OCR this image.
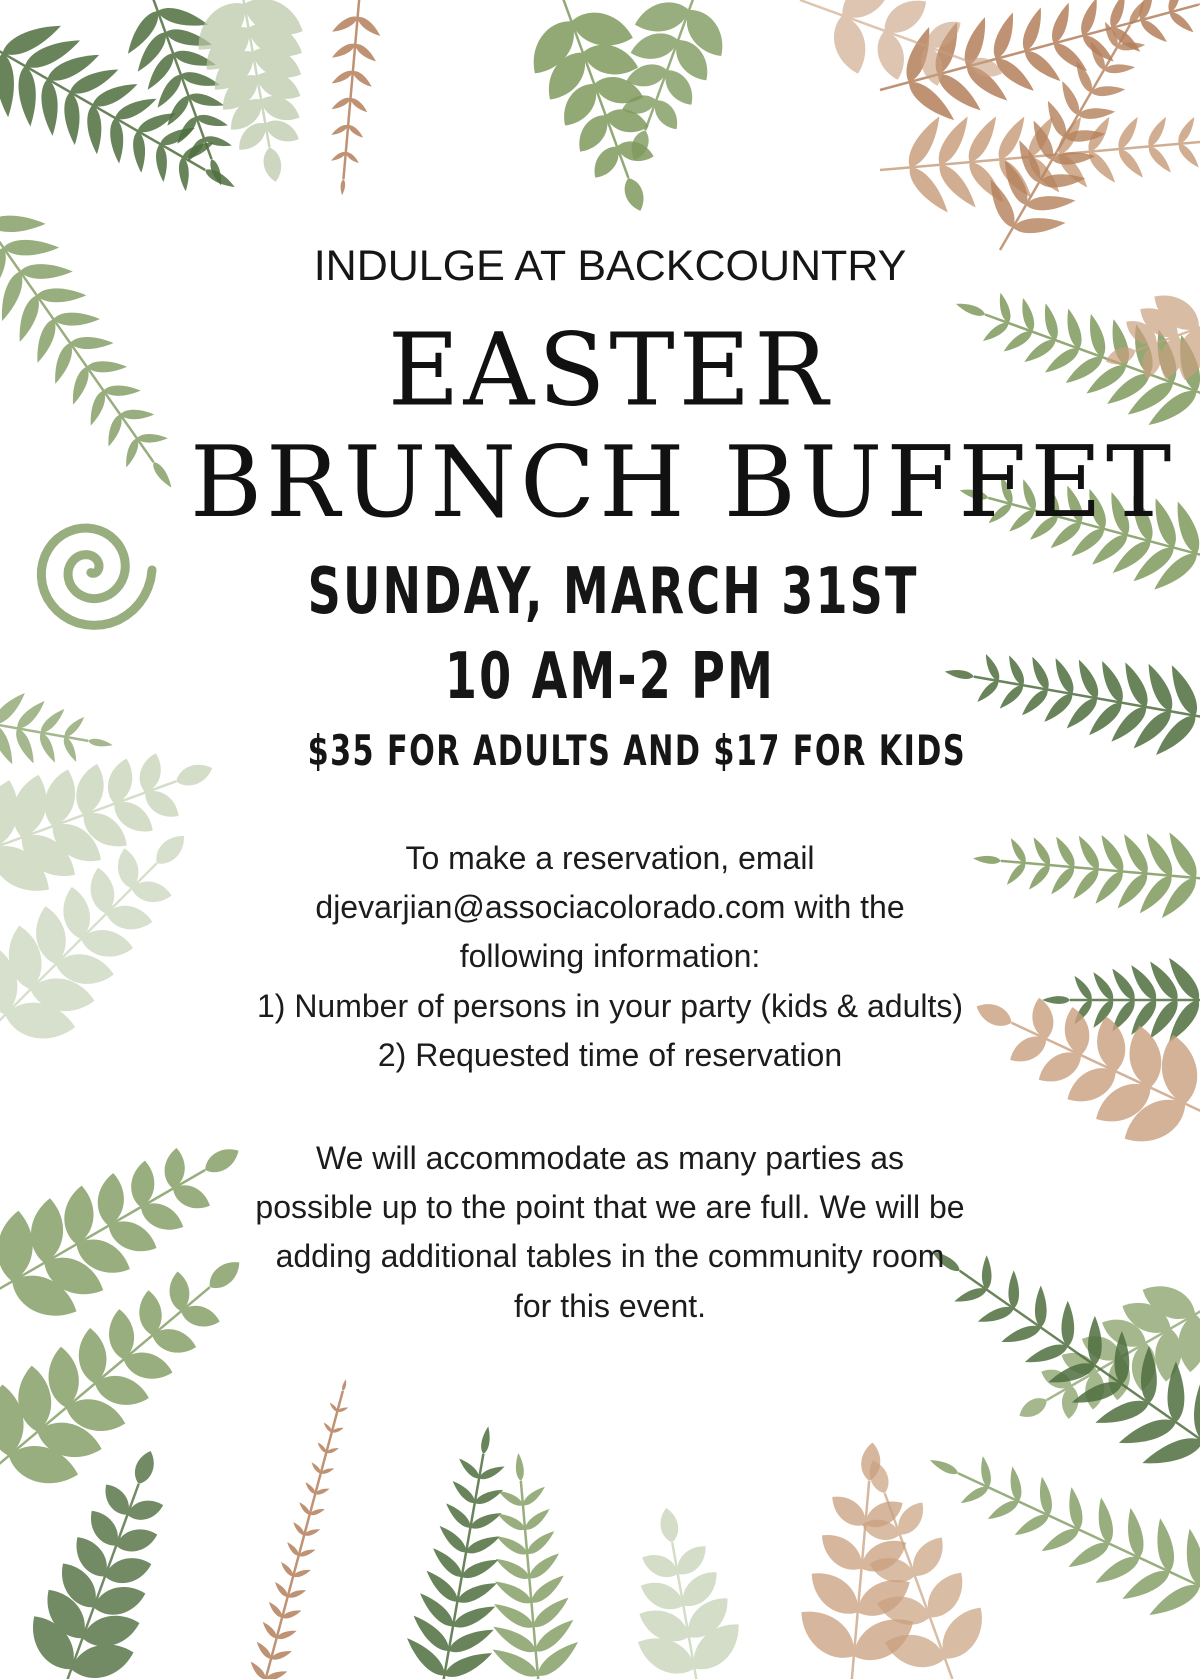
INDULGE AT BACKCOUNTRY
EASTER
BRUNCH BUFFET
SUNDAY, MARCH 31ST
10 AM-2 PM
$35 FOR ADULTS AND $17 FOR KIDS
To make a reservation, email
djevarjian@associacolorado.com with the
following information:
1) Number of persons in your party (kids & adults)
2) Requested time of reservation
We will accommodate as many parties as
possible up to the point that we are full. We will be
adding additional tables in the community room
for this event.
